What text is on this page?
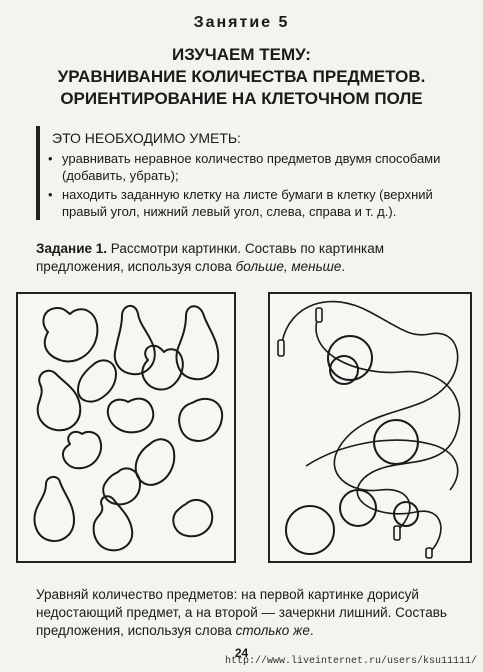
Занятие 5
ИЗУЧАЕМ ТЕМУ:
УРАВНИВАНИЕ КОЛИЧЕСТВА ПРЕДМЕТОВ.
ОРИЕНТИРОВАНИЕ НА КЛЕТОЧНОМ ПОЛЕ
ЭТО НЕОБХОДИМО УМЕТЬ:
• уравнивать неравное количество предметов двумя способами (добавить, убрать);
• находить заданную клетку на листе бумаги в клетку (верхний правый угол, нижний левый угол, слева, справа и т. д.).
Задание 1. Рассмотри картинки. Составь по картинкам предложения, используя слова больше, меньше.
Уравняй количество предметов: на первой картинке дорисуй недостающий предмет, а на второй — зачеркни лишний. Составь предложения, используя слова столько же.
24
http://www.liveinternet.ru/users/ksu11111/
